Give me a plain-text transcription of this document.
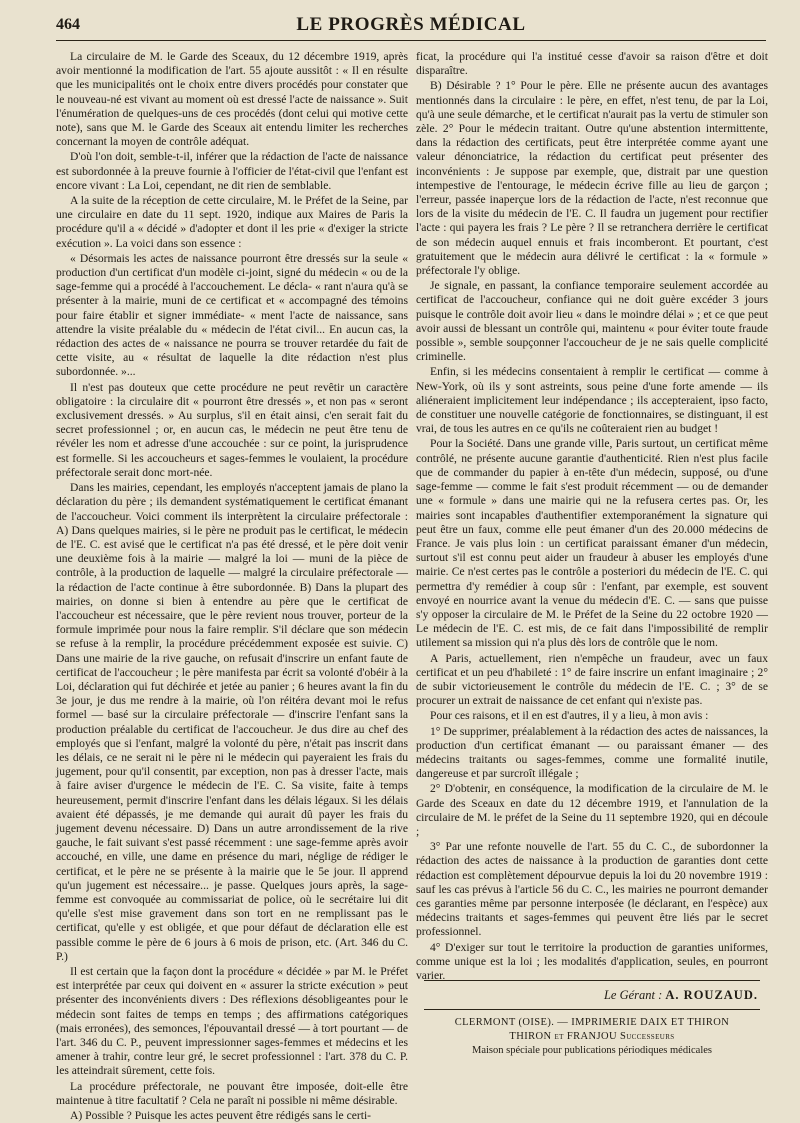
464	LE PROGRÈS MÉDICAL

La circulaire de M. le Garde des Sceaux, du 12 décembre 1919, après avoir mentionné la modification de l'art. 55 ajoute aussitôt : « Il en résulte que les municipalités ont le choix entre divers procédés pour constater que le nouveau-né est vivant au moment où est dressé l'acte de naissance ». Suit l'énumération de quelques-uns de ces procédés (dont celui qui motive cette note), sans que M. le Garde des Sceaux ait entendu limiter les recherches concernant la moyen de contrôle adéquat.

D'où l'on doit, semble-t-il, inférer que la rédaction de l'acte de naissance est subordonnée à la preuve fournie à l'officier de l'état-civil que l'enfant est encore vivant : La Loi, cependant, ne dit rien de semblable.

A la suite de la réception de cette circulaire, M. le Préfet de la Seine, par une circulaire en date du 11 sept. 1920, indique aux Maires de Paris la procédure qu'il a « décidé » d'adopter et dont il les prie « d'exiger la stricte exécution ». La voici dans son essence :

« Désormais les actes de naissance pourront être dressés sur la seule « production d'un certificat d'un modèle ci-joint, signé du médecin « ou de la sage-femme qui a procédé à l'accouchement. Le décla- « rant n'aura qu'à se présenter à la mairie, muni de ce certificat et « accompagné des témoins pour faire établir et signer immédiate- « ment l'acte de naissance, sans attendre la visite préalable du « médecin de l'état civil... En aucun cas, la rédaction des actes de « naissance ne pourra se trouver retardée du fait de cette visite, au « résultat de laquelle la dite rédaction n'est plus subordonnée. »...

Il n'est pas douteux que cette procédure ne peut revêtir un caractère obligatoire : la circulaire dit « pourront être dressés », et non pas « seront exclusivement dressés. » Au surplus, s'il en était ainsi, c'en serait fait du secret professionnel ; or, en aucun cas, le médecin ne peut être tenu de révéler les nom et adresse d'une accouchée : sur ce point, la jurisprudence est formelle. Si les accoucheurs et sages-femmes le voulaient, la procédure préfectorale serait donc mort-née.

Dans les mairies, cependant, les employés n'acceptent jamais de plano la déclaration du père ; ils demandent systématiquement le certificat émanant de l'accoucheur. Voici comment ils interprètent la circulaire préfectorale : A) Dans quelques mairies, si le père ne produit pas le certificat, le médecin de l'E. C. est avisé que le certificat n'a pas été dressé, et le père doit venir une deuxième fois à la mairie — malgré la loi — muni de la pièce de contrôle, à la production de laquelle — malgré la circulaire préfectorale — la rédaction de l'acte continue à être subordonnée. B) Dans la plupart des mairies, on donne si bien à entendre au père que le certificat de l'accoucheur est nécessaire, que le père revient nous trouver, porteur de la formule imprimée pour nous la faire remplir. S'il déclare que son médecin se refuse à la remplir, la procédure précédemment exposée est suivie. C) Dans une mairie de la rive gauche, on refusait d'inscrire un enfant faute de certificat de l'accoucheur ; le père manifesta par écrit sa volonté d'obéir à la Loi, déclaration qui fut déchirée et jetée au panier ; 6 heures avant la fin du 3e jour, je dus me rendre à la mairie, où l'on réitéra devant moi le refus formel — basé sur la circulaire préfectorale — d'inscrire l'enfant sans la production préalable du certificat de l'accoucheur. Je dus dire au chef des employés que si l'enfant, malgré la volonté du père, n'était pas inscrit dans les délais, ce ne serait ni le père ni le médecin qui payeraient les frais du jugement, pour qu'il consentit, par exception, non pas à dresser l'acte, mais à faire aviser d'urgence le médecin de l'E. C. Sa visite, faite à temps heureusement, permit d'inscrire l'enfant dans les délais légaux. Si les délais avaient été dépassés, je me demande qui aurait dû payer les frais du jugement devenu nécessaire. D) Dans un autre arrondissement de la rive gauche, le fait suivant s'est passé récemment : une sage-femme après avoir accouché, en ville, une dame en présence du mari, néglige de rédiger le certificat, et le père ne se présente à la mairie que le 5e jour. Il apprend qu'un jugement est nécessaire... je passe. Quelques jours après, la sage-femme est convoquée au commissariat de police, où le secrétaire lui dit qu'elle s'est mise gravement dans son tort en ne remplissant pas le certificat, qu'elle y est obligée, et que pour défaut de déclaration elle est passible comme le père de 6 jours à 6 mois de prison, etc. (Art. 346 du C. P.)

Il est certain que la façon dont la procédure « décidée » par M. le Préfet est interprétée par ceux qui doivent en « assurer la stricte exécution » peut présenter des inconvénients divers : Des réflexions désobligeantes pour le médecin sont faites de temps en temps ; des affirmations catégoriques (mais erronées), des semonces, l'épouvantail dressé — à tort pourtant — de l'art. 346 du C. P., peuvent impressionner sages-femmes et médecins et les amener à trahir, contre leur gré, le secret professionnel : l'art. 378 du C. P. les atteindrait sûrement, cette fois.

La procédure préfectorale, ne pouvant être imposée, doit-elle être maintenue à titre facultatif ? Cela ne paraît ni possible ni même désirable.

A) Possible ? Puisque les actes peuvent être rédigés sans le certi-

ficat, la procédure qui l'a institué cesse d'avoir sa raison d'être et doit disparaître.

B) Désirable ? 1° Pour le père. Elle ne présente aucun des avantages mentionnés dans la circulaire : le père, en effet, n'est tenu, de par la Loi, qu'à une seule démarche, et le certificat n'aurait pas la vertu de stimuler son zèle. 2° Pour le médecin traitant. Outre qu'une abstention intermittente, dans la rédaction des certificats, peut être interprétée comme ayant une valeur dénonciatrice, la rédaction du certificat peut présenter des inconvénients : Je suppose par exemple, que, distrait par une question intempestive de l'entourage, le médecin écrive fille au lieu de garçon ; l'erreur, passée inaperçue lors de la rédaction de l'acte, n'est reconnue que lors de la visite du médecin de l'E. C. Il faudra un jugement pour rectifier l'acte : qui payera les frais ? Le père ? Il se retranchera derrière le certificat de son médecin auquel ennuis et frais incomberont. Et pourtant, c'est gratuitement que le médecin aura délivré le certificat : la « formule » préfectorale l'y oblige.

Je signale, en passant, la confiance temporaire seulement accordée au certificat de l'accoucheur, confiance qui ne doit guère excéder 3 jours puisque le contrôle doit avoir lieu « dans le moindre délai » ; et ce que peut avoir aussi de blessant un contrôle qui, maintenu « pour éviter toute fraude possible », semble soupçonner l'accoucheur de je ne sais quelle complicité criminelle.

Enfin, si les médecins consentaient à remplir le certificat — comme à New-York, où ils y sont astreints, sous peine d'une forte amende — ils aliéneraient implicitement leur indépendance ; ils accepteraient, ipso facto, de constituer une nouvelle catégorie de fonctionnaires, se distinguant, il est vrai, de tous les autres en ce qu'ils ne coûteraient rien au budget !

Pour la Société. Dans une grande ville, Paris surtout, un certificat même contrôlé, ne présente aucune garantie d'authenticité. Rien n'est plus facile que de commander du papier à en-tête d'un médecin, supposé, ou d'une sage-femme — comme le fait s'est produit récemment — ou de demander une « formule » dans une mairie qui ne la refusera certes pas. Or, les mairies sont incapables d'authentifier extemporanément la signature qui peut être un faux, comme elle peut émaner d'un des 20.000 médecins de France. Je vais plus loin : un certificat paraissant émaner d'un médecin, surtout s'il est connu peut aider un fraudeur à abuser les employés d'une mairie. Ce n'est certes pas le contrôle a posteriori du médecin de l'E. C. qui permettra d'y remédier à coup sûr : l'enfant, par exemple, est souvent envoyé en nourrice avant la venue du médecin d'E. C. — sans que puisse s'y opposer la circulaire de M. le Préfet de la Seine du 22 octobre 1920 — Le médecin de l'E. C. est mis, de ce fait dans l'impossibilité de remplir utilement sa mission qui n'a plus dès lors de contrôle que le nom.

A Paris, actuellement, rien n'empêche un fraudeur, avec un faux certificat et un peu d'habileté : 1° de faire inscrire un enfant imaginaire ; 2° de subir victorieusement le contrôle du médecin de l'E. C. ; 3° de se procurer un extrait de naissance de cet enfant qui n'existe pas.

Pour ces raisons, et il en est d'autres, il y a lieu, à mon avis :

1° De supprimer, préalablement à la rédaction des actes de naissances, la production d'un certificat émanant — ou paraissant émaner — des médecins traitants ou sages-femmes, comme une formalité inutile, dangereuse et par surcroît illégale ;

2° D'obtenir, en conséquence, la modification de la circulaire de M. le Garde des Sceaux en date du 12 décembre 1919, et l'annulation de la circulaire de M. le préfet de la Seine du 11 septembre 1920, qui en découle ;

3° Par une refonte nouvelle de l'art. 55 du C. C., de subordonner la rédaction des actes de naissance à la production de garanties dont cette rédaction est complètement dépourvue depuis la loi du 20 novembre 1919 : sauf les cas prévus à l'article 56 du C. C., les mairies ne pourront demander ces garanties même par personne interposée (le déclarant, en l'espèce) aux médecins traitants et sages-femmes qui peuvent être liés par le secret professionnel.

4° D'exiger sur tout le territoire la production de garanties uniformes, comme unique est la loi ; les modalités d'application, seules, en pourront varier.

Le Gérant : A. ROUZAUD.
CLERMONT (OISE). — IMPRIMERIE DAIX ET THIRON
THIRON et FRANJOU Successeurs
Maison spéciale pour publications périodiques médicales
